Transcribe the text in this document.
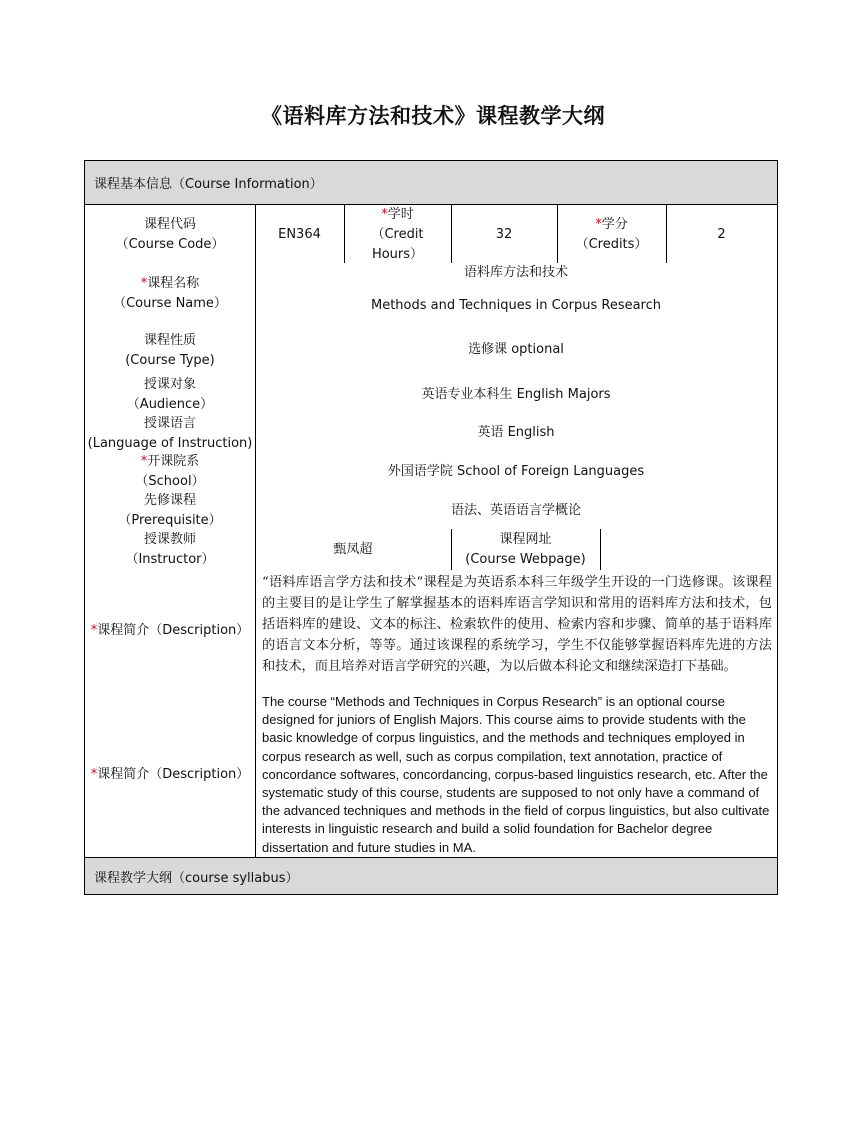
《语料库方法和技术》课程教学大纲
课程基本信息（Course Information）
课程代码
（Course Code）
EN364
*学时
（Credit
Hours）
32
*学分
（Credits）
2
*课程名称
（Course Name）
语料库方法和技术
Methods and Techniques in Corpus Research
课程性质
(Course Type)
选修课 optional
授课对象
（Audience）
英语专业本科生 English Majors
授课语言
(Language of Instruction)
英语 English
*开课院系
（School）
外国语学院 School of Foreign Languages
先修课程
（Prerequisite）
语法、英语语言学概论
授课教师
（Instructor）
甄凤超
课程网址
(Course Webpage)
*课程简介（Description）
“语料库语言学方法和技术”课程是为英语系本科三年级学生开设的一门选修课。该课程的主要目的是让学生了解掌握基本的语料库语言学知识和常用的语料库方法和技术，包括语料库的建设、文本的标注、检索软件的使用、检索内容和步骤、简单的基于语料库的语言文本分析，等等。通过该课程的系统学习，学生不仅能够掌握语料库先进的方法和技术，而且培养对语言学研究的兴趣，为以后做本科论文和继续深造打下基础。
*课程简介（Description）
The course “Methods and Techniques in Corpus Research” is an optional course designed for juniors of English Majors. This course aims to provide students with the basic knowledge of corpus linguistics, and the methods and techniques employed in corpus research as well, such as corpus compilation, text annotation, practice of concordance softwares, concordancing, corpus-based linguistics research, etc. After the systematic study of this course, students are supposed to not only have a command of the advanced techniques and methods in the field of corpus linguistics, but also cultivate interests in linguistic research and build a solid foundation for Bachelor degree dissertation and future studies in MA.
课程教学大纲（course syllabus）
